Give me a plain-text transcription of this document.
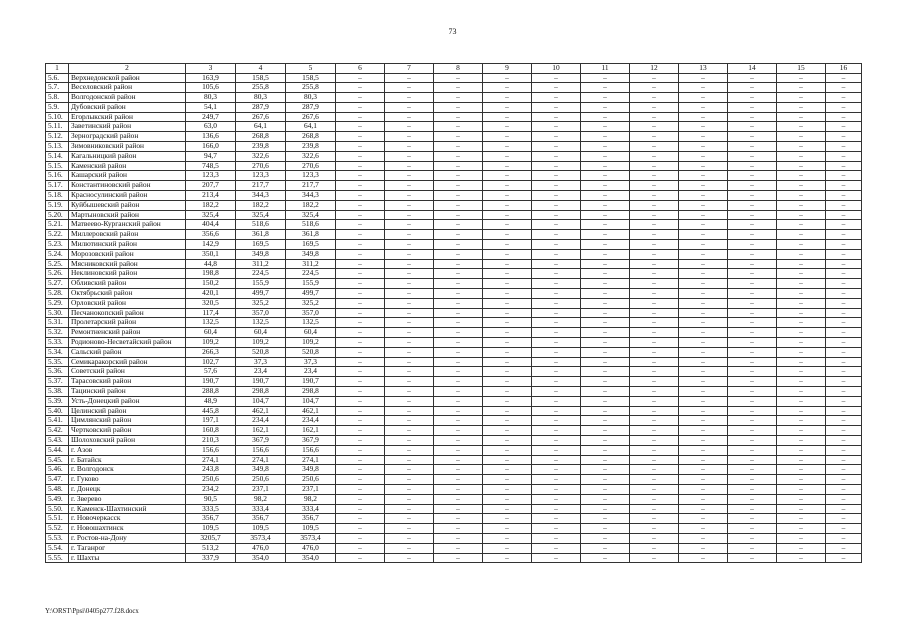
73
1	2	3	4	5	6	7	8	9	10	11	12	13	14	15	16
5.6.	Верхнедонской район	163,9	158,5	158,5	–	–	–	–	–	–	–	–	–	–	–
5.7.	Веселовский район	105,6	255,8	255,8	–	–	–	–	–	–	–	–	–	–	–
5.8.	Волгодонской район	80,3	80,3	80,3	–	–	–	–	–	–	–	–	–	–	–
5.9.	Дубовский район	54,1	287,9	287,9	–	–	–	–	–	–	–	–	–	–	–
5.10.	Егорлыкский район	249,7	267,6	267,6	–	–	–	–	–	–	–	–	–	–	–
5.11.	Заветинский район	63,0	64,1	64,1	–	–	–	–	–	–	–	–	–	–	–
5.12.	Зерноградский район	136,6	268,8	268,8	–	–	–	–	–	–	–	–	–	–	–
5.13.	Зимовниковский район	166,0	239,8	239,8	–	–	–	–	–	–	–	–	–	–	–
5.14.	Кагальницкий район	94,7	322,6	322,6	–	–	–	–	–	–	–	–	–	–	–
5.15.	Каменский район	748,5	270,6	270,6	–	–	–	–	–	–	–	–	–	–	–
5.16.	Кашарский район	123,3	123,3	123,3	–	–	–	–	–	–	–	–	–	–	–
5.17.	Константиновский район	207,7	217,7	217,7	–	–	–	–	–	–	–	–	–	–	–
5.18.	Красносулинский район	213,4	344,3	344,3	–	–	–	–	–	–	–	–	–	–	–
5.19.	Куйбышевский район	182,2	182,2	182,2	–	–	–	–	–	–	–	–	–	–	–
5.20.	Мартыновский район	325,4	325,4	325,4	–	–	–	–	–	–	–	–	–	–	–
5.21.	Матвеево-Курганский район	404,4	518,6	518,6	–	–	–	–	–	–	–	–	–	–	–
5.22.	Миллеровский район	356,6	361,8	361,8	–	–	–	–	–	–	–	–	–	–	–
5.23.	Милютинский район	142,9	169,5	169,5	–	–	–	–	–	–	–	–	–	–	–
5.24.	Морозовский район	350,1	349,8	349,8	–	–	–	–	–	–	–	–	–	–	–
5.25.	Мясниковский район	44,8	311,2	311,2	–	–	–	–	–	–	–	–	–	–	–
5.26.	Неклиновский район	198,8	224,5	224,5	–	–	–	–	–	–	–	–	–	–	–
5.27.	Обливский район	150,2	155,9	155,9	–	–	–	–	–	–	–	–	–	–	–
5.28.	Октябрьский район	420,1	499,7	499,7	–	–	–	–	–	–	–	–	–	–	–
5.29.	Орловский район	320,5	325,2	325,2	–	–	–	–	–	–	–	–	–	–	–
5.30.	Песчанокопский район	117,4	357,0	357,0	–	–	–	–	–	–	–	–	–	–	–
5.31.	Пролетарский район	132,5	132,5	132,5	–	–	–	–	–	–	–	–	–	–	–
5.32.	Ремонтненский район	60,4	60,4	60,4	–	–	–	–	–	–	–	–	–	–	–
5.33.	Родионово-Несветайский район	109,2	109,2	109,2	–	–	–	–	–	–	–	–	–	–	–
5.34.	Сальский район	266,3	520,8	520,8	–	–	–	–	–	–	–	–	–	–	–
5.35.	Семикаракорский район	102,7	37,3	37,3	–	–	–	–	–	–	–	–	–	–	–
5.36.	Советский район	57,6	23,4	23,4	–	–	–	–	–	–	–	–	–	–	–
5.37.	Тарасовский район	190,7	190,7	190,7	–	–	–	–	–	–	–	–	–	–	–
5.38.	Тацинский район	288,8	298,8	298,8	–	–	–	–	–	–	–	–	–	–	–
5.39.	Усть-Донецкий район	48,9	104,7	104,7	–	–	–	–	–	–	–	–	–	–	–
5.40.	Целинский район	445,8	462,1	462,1	–	–	–	–	–	–	–	–	–	–	–
5.41.	Цимлянский район	197,1	234,4	234,4	–	–	–	–	–	–	–	–	–	–	–
5.42.	Чертковский район	160,8	162,1	162,1	–	–	–	–	–	–	–	–	–	–	–
5.43.	Шолоховский район	210,3	367,9	367,9	–	–	–	–	–	–	–	–	–	–	–
5.44.	г. Азов	156,6	156,6	156,6	–	–	–	–	–	–	–	–	–	–	–
5.45.	г. Батайск	274,1	274,1	274,1	–	–	–	–	–	–	–	–	–	–	–
5.46.	г. Волгодонск	243,8	349,8	349,8	–	–	–	–	–	–	–	–	–	–	–
5.47.	г. Гуково	250,6	250,6	250,6	–	–	–	–	–	–	–	–	–	–	–
5.48.	г. Донецк	234,2	237,1	237,1	–	–	–	–	–	–	–	–	–	–	–
5.49.	г. Зверево	90,5	98,2	98,2	–	–	–	–	–	–	–	–	–	–	–
5.50.	г. Каменск-Шахтинский	333,5	333,4	333,4	–	–	–	–	–	–	–	–	–	–	–
5.51.	г. Новочеркасск	356,7	356,7	356,7	–	–	–	–	–	–	–	–	–	–	–
5.52.	г. Новошахтинск	109,5	109,5	109,5	–	–	–	–	–	–	–	–	–	–	–
5.53.	г. Ростов-на-Дону	3205,7	3573,4	3573,4	–	–	–	–	–	–	–	–	–	–	–
5.54.	г. Таганрог	513,2	476,0	476,0	–	–	–	–	–	–	–	–	–	–	–
5.55.	г. Шахты	337,9	354,0	354,0	–	–	–	–	–	–	–	–	–	–	–
Y:\ORST\Ppsi\0405p277.f28.docx
